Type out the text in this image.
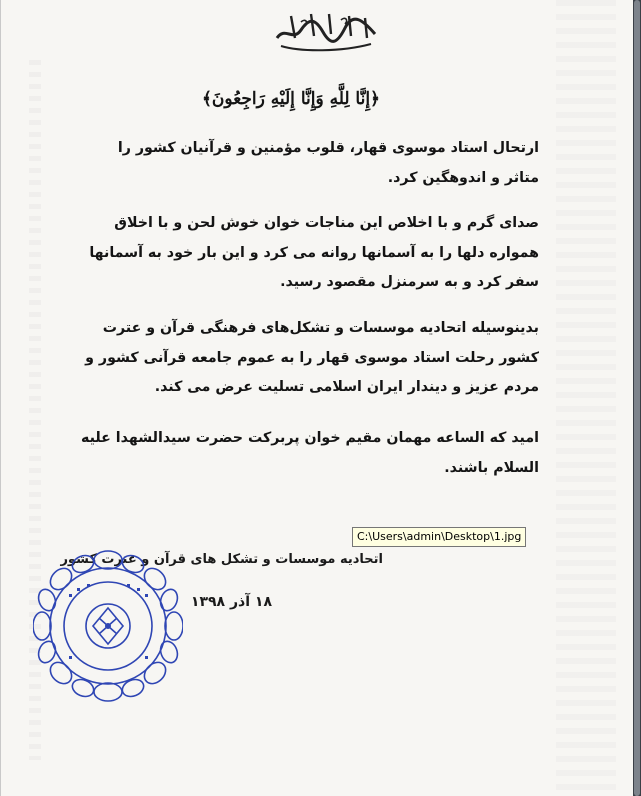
﴿إِنَّا لِلَّهِ وَإِنَّا إِلَیْهِ رَاجِعُونَ﴾
ارتحال استاد موسوی قهار، قلوب مؤمنین و قرآنیان کشور را متاثر و اندوهگین کرد.
صدای گرم و با اخلاص این مناجات خوان خوش لحن و با اخلاق همواره دلها را به آسمانها روانه می کرد و این بار خود به آسمانها سفر کرد و به سرمنزل مقصود رسید.
بدینوسیله اتحادیه موسسات و تشکل‌های فرهنگی قرآن و عترت کشور رحلت استاد موسوی قهار را به عموم جامعه قرآنی کشور و مردم عزیز و دیندار ایران اسلامی تسلیت عرض می کند.
امید که الساعه مهمان مقیم خوان پربرکت حضرت سیدالشهدا علیه السلام باشند.
اتحادیه موسسات و تشکل های قرآن و عترت کشور
۱۸ آذر ۱۳۹۸
C:\Users\admin\Desktop\1.jpg
